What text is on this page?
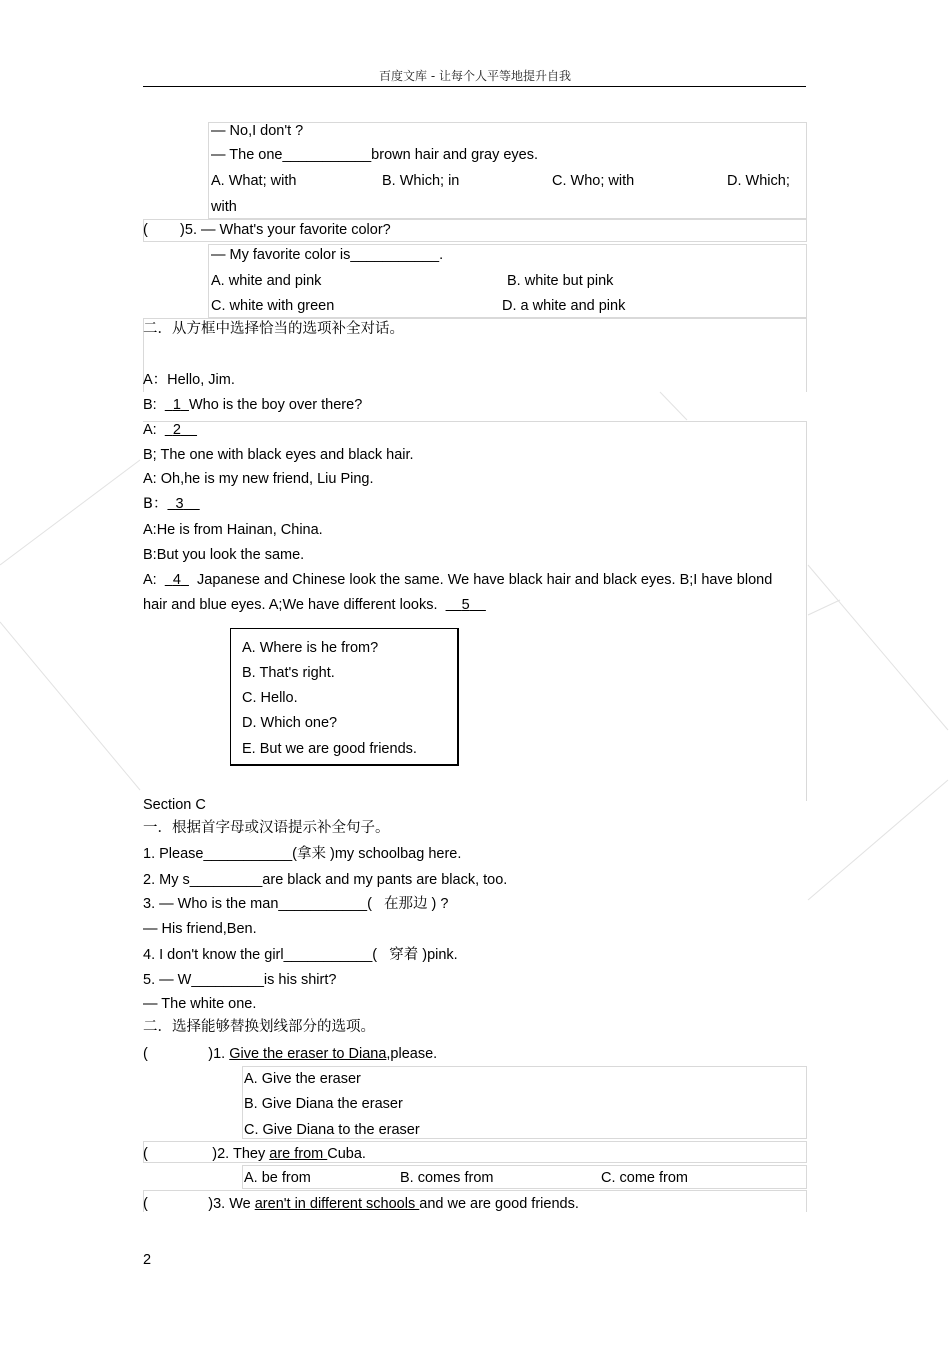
百度文库 - 让每个人平等地提升自我
— No,I don't ?
— The one___________brown hair and gray eyes.
A. What; with	B. Which; in	C. Who; with	D. Which;
with
(        )5. — What's your favorite color?
— My favorite color is___________.
A. white and pink	B. white but pink
C. white with green	D. a white and pink
二．从方框中选择恰当的选项补全对话。
A：Hello, Jim.
B:    1 Who is the boy over there?
A:    2
B; The one with black eyes and black hair.
A: Oh,he is my new friend, Liu Ping.
B： 3
A:He is from Hainan, China.
B:But you look the same.
A:    4 Japanese and Chinese look the same. We have black hair and black eyes. B;I have blond
hair and blue eyes. A;We have different looks.      5
A. Where is he from?
B. That's right.
C. Hello.
D. Which one?
E. But we are good friends.
Section C
一．根据首字母或汉语提示补全句子。
1. Please___________(拿来 )my schoolbag here.
2. My s_________are black and my pants are black, too.
3. — Who is the man___________(   在那边 ) ?
— His friend,Ben.
4. I don't know the girl___________(   穿着 )pink.
5. — W_________is his shirt?
— The white one.
二．选择能够替换划线部分的选项。
(               )1. Give the eraser to Diana,please.
A. Give the eraser
B. Give Diana the eraser
C. Give Diana to the eraser
(                )2. They are from Cuba.
A. be from	B. comes from	C. come from
(               )3. We aren't in different schools and we are good friends.
2
